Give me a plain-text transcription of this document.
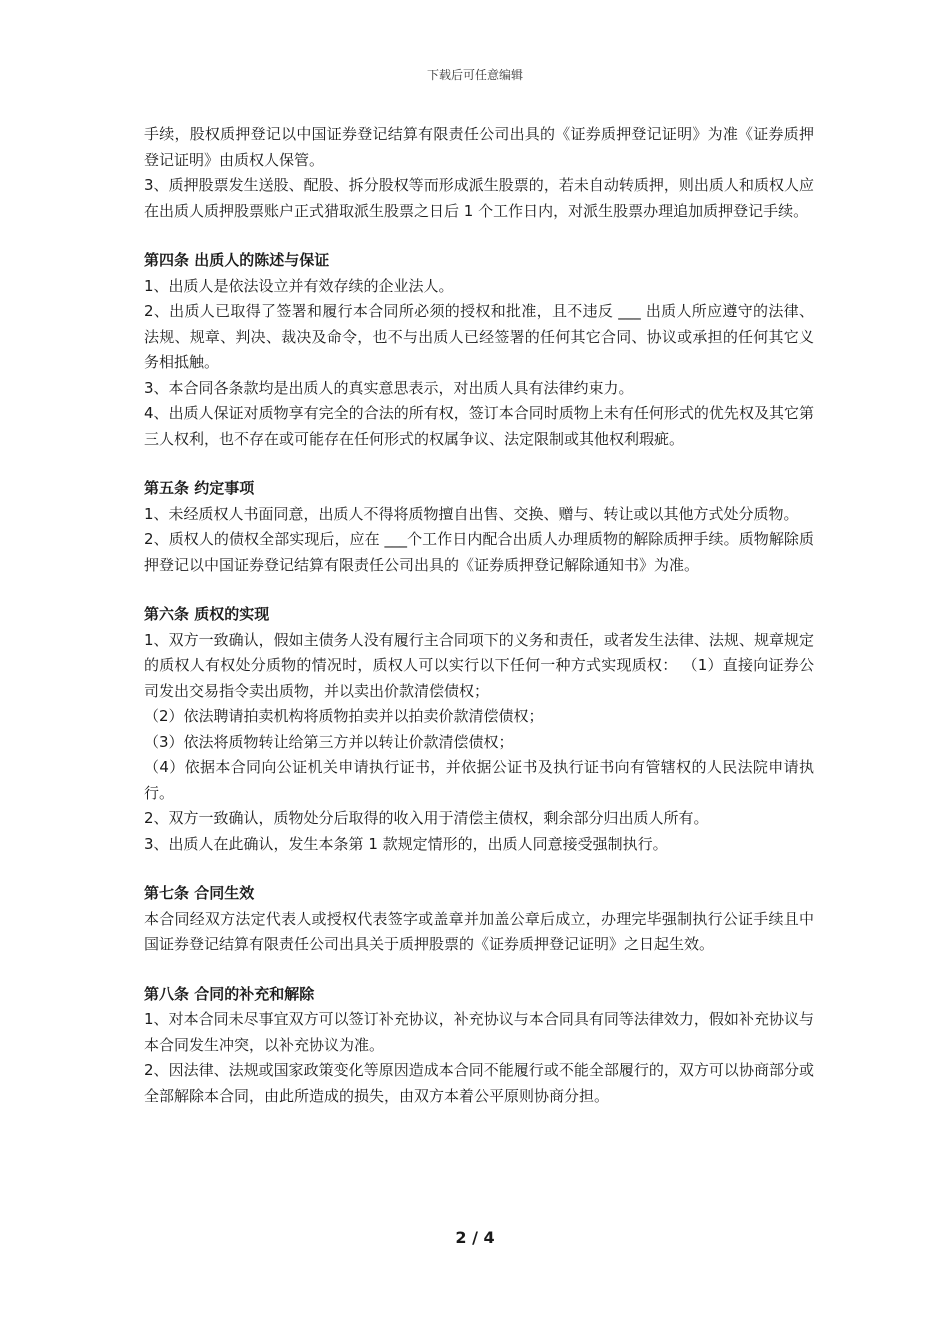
下载后可任意编辑

手续，股权质押登记以中国证券登记结算有限责任公司出具的《证券质押登记证明》为准《证券质押登记证明》由质权人保管。

3、质押股票发生送股、配股、拆分股权等而形成派生股票的，若未自动转质押，则出质人和质权人应在出质人质押股票账户正式猎取派生股票之日后 1 个工作日内，对派生股票办理追加质押登记手续。

第四条 出质人的陈述与保证

1、出质人是依法设立并有效存续的企业法人。

2、出质人已取得了签署和履行本合同所必须的授权和批准，且不违反 ___ 出质人所应遵守的法律、法规、规章、判决、裁决及命令，也不与出质人已经签署的任何其它合同、协议或承担的任何其它义务相抵触。

3、本合同各条款均是出质人的真实意思表示，对出质人具有法律约束力。

4、出质人保证对质物享有完全的合法的所有权，签订本合同时质物上未有任何形式的优先权及其它第三人权利，也不存在或可能存在任何形式的权属争议、法定限制或其他权利瑕疵。

第五条 约定事项

1、未经质权人书面同意，出质人不得将质物擅自出售、交换、赠与、转让或以其他方式处分质物。

2、质权人的债权全部实现后，应在 ___个工作日内配合出质人办理质物的解除质押手续。质物解除质押登记以中国证券登记结算有限责任公司出具的《证券质押登记解除通知书》为准。

第六条 质权的实现

1、双方一致确认，假如主债务人没有履行主合同项下的义务和责任，或者发生法律、法规、规章规定的质权人有权处分质物的情况时，质权人可以实行以下任何一种方式实现质权： （1）直接向证券公司发出交易指令卖出质物，并以卖出价款清偿债权；

（2）依法聘请拍卖机构将质物拍卖并以拍卖价款清偿债权；

（3）依法将质物转让给第三方并以转让价款清偿债权；

（4）依据本合同向公证机关申请执行证书，并依据公证书及执行证书向有管辖权的人民法院申请执行。

2、双方一致确认，质物处分后取得的收入用于清偿主债权，剩余部分归出质人所有。

3、出质人在此确认，发生本条第 1 款规定情形的，出质人同意接受强制执行。

第七条 合同生效

本合同经双方法定代表人或授权代表签字或盖章并加盖公章后成立，办理完毕强制执行公证手续且中国证券登记结算有限责任公司出具关于质押股票的《证券质押登记证明》之日起生效。

第八条 合同的补充和解除

1、对本合同未尽事宜双方可以签订补充协议，补充协议与本合同具有同等法律效力，假如补充协议与本合同发生冲突，以补充协议为准。

2、因法律、法规或国家政策变化等原因造成本合同不能履行或不能全部履行的，双方可以协商部分或全部解除本合同，由此所造成的损失，由双方本着公平原则协商分担。

2 / 4
